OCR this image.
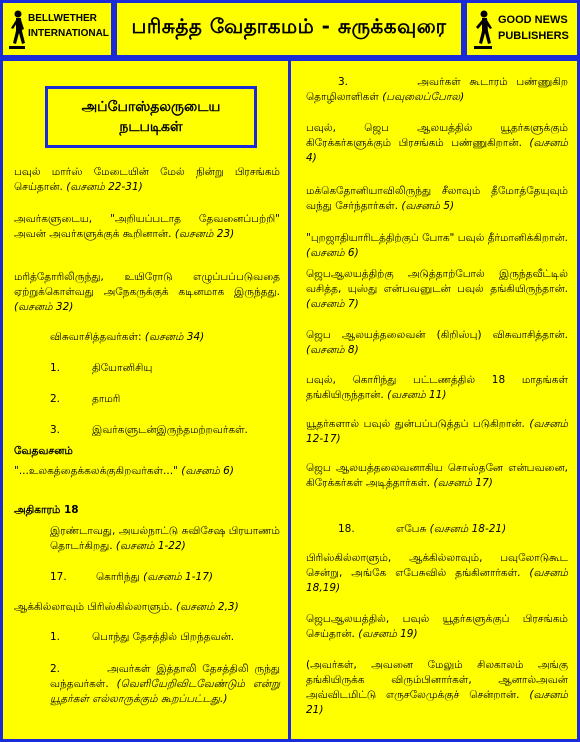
BELLWETHER
INTERNATIONAL	பரிசுத்த வேதாகமம் - சுருக்கவுரை	GOOD NEWS
PUBLISHERS
அப்போஸ்தலருடைய
நடபடிகள்
பவுல் மார்ஸ் மேடையின் மேல் நின்று பிரசங்கம் செய்தான். (வசனம் 22-31)
அவர்களுடைய, "அறியப்படாத தேவனைப்பற்றி" அவன் அவர்களுக்குக் கூறினான். (வசனம் 23)
மரித்தோரிலிருந்து, உயிரோடு எழுப்பப்படுவதை ஏற்றுக்கொள்வது அநேகருக்குக் கடினமாக இருந்தது. (வசனம் 32)
விசுவாசித்தவர்கள்: (வசனம் 34)
1.	தியோனிசியு
2.	தாமரி
3.	இவர்களுடன்இருந்தமற்றவர்கள்.
வேதவசனம்
"...உலகத்தைக்கலக்குகிறவர்கள்..." (வசனம் 6)
அதிகாரம் 18
இரண்டாவது, அயல்நாட்டு சுவிசேஷ பிரயாணம் தொடர்கிறது. (வசனம் 1-22)
17.	கொரிந்து (வசனம் 1-17)
ஆக்கில்லாவும் பிரிஸ்கில்லாளும். (வசனம் 2,3)
1.	பொந்து தேசத்தில் பிறந்தவன்.
2.	அவர்கள் இத்தாலி தேசத்திலி ருந்து வந்தவர்கள். (வெளியேறிவிடவேண்டும் என்று யூதர்கள் எல்லாருக்கும் கூறப்பட்டது.)
3.	அவர்கள் கூடாரம் பண்ணுகிற தொழிலாளிகள் (பவுலைப்போல)
பவுல், ஜெப ஆலயத்தில் யூதர்களுக்கும் கிரேக்கர்களுக்கும் பிரசங்கம் பண்ணுகிறான். (வசனம் 4)
மக்கெதோனியாவிலிருந்து சீலாவும் தீமோத்தேயுவும் வந்து சேர்ந்தார்கள். (வசனம் 5)
"புறஜாதியாரிடத்திற்குப் போக" பவுல் தீர்மானிக்கிறான். (வசனம் 6)
ஜெபஆலயத்திற்கு அடுத்தாற்போல் இருந்தவீட்டில் வசித்த, யுஸ்து என்பவனுடன் பவுல் தங்கியிருந்தான். (வசனம் 7)
ஜெப ஆலயத்தலைவன் (கிறிஸ்பு) விசுவாசித்தான். (வசனம் 8)
பவுல், கொரிந்து பட்டணத்தில் 18 மாதங்கள் தங்கியிருந்தான். (வசனம் 11)
யூதர்களால் பவுல் துன்பப்படுத்தப் படுகிறான். (வசனம் 12-17)
ஜெப ஆலயத்தலைவனாகிய சொஸ்தனே என்பவனை, கிரேக்கர்கள் அடித்தார்கள். (வசனம் 17)
18.	எபேசு (வசனம் 18-21)
பிரிஸ்கில்லாளும், ஆக்கில்லாவும், பவுலோடுகூட சென்று, அங்கே எபேசுவில் தங்கினார்கள். (வசனம் 18,19)
ஜெபஆலயத்தில், பவுல் யூதர்களுக்குப் பிரசங்கம் செய்தான். (வசனம் 19)
(அவர்கள், அவனை மேலும் சிலகாலம் அங்கு தங்கியிருக்க விரும்பினார்கள், ஆனால்அவன் அவ்விடமிட்டு எருசலேமுக்குச் சென்றான். (வசனம் 21)
